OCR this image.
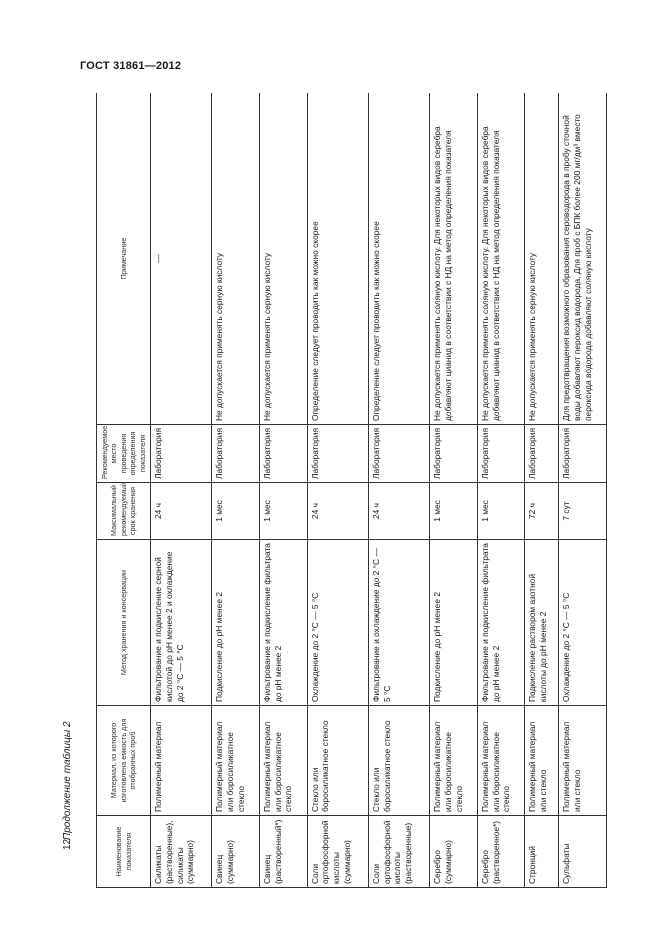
ГОСТ 31861—2012
Продолжение таблицы 2
12	Наименование показателя	Материал, из которого изготовлена емкость для отобранных проб	Метод хранения и консервации	Максимальный рекомендуемый срок хранения	Рекомендуемое место проведения определения показателя	Примечание
Силикаты (растворенные), силикаты (суммарно)	Полимерный материал	Фильтрование и подкисление серной кислотой до pH менее 2 и охлаждение до 2 °С — 5 °С	24 ч	Лаборатория	—
Свинец (суммарно)	Полимерный материал или боросиликатное стекло	Подкисление до pH менее 2	1 мес	Лаборатория	Не допускается применять серную кислоту
Свинец (растворенный*)	Полимерный материал или боросиликатное стекло	Фильтрование и подкисление фильтрата до pH менее 2	1 мес	Лаборатория	Не допускается применять серную кислоту
Соли ортофосфорной кислоты (суммарно)	Стекло или боросиликатное стекло	Охлаждение до 2 °С — 5 °С	24 ч	Лаборатория	Определение следует проводить как можно скорее
Соли ортофосфорной кислоты (растворенные)	Стекло или боросиликатное стекло	Фильтрование и охлаждение до 2 °С — 5 °С	24 ч	Лаборатория	Определение следует проводить как можно скорее
Серебро (суммарно)	Полимерный материал или боросиликатное стекло	Подкисление до pH менее 2	1 мес	Лаборатория	Не допускается применять соляную кислоту. Для некоторых видов серебра добавляют цианид в соответствии с НД на метод определения показателя
Серебро (растворенное*)	Полимерный материал или боросиликатное стекло	Фильтрование и подкисление фильтрата до pH менее 2	1 мес	Лаборатория	Не допускается применять соляную кислоту. Для некоторых видов серебра добавляют цианид в соответствии с НД на метод определения показателя
Стронций	Полимерный материал или стекло	Подкисление раствором азотной кислоты до pH менее 2	72 ч	Лаборатория	Не допускается применять серную кислоту
Сульфаты	Полимерный материал или стекло	Охлаждение до 2 °С — 5 °С	7 сут	Лаборатория	Для предотвращения возможного образования сероводорода в пробу сточной воды добавляют пероксид водорода. Для проб с БПК более 200 мг/дм³ вместо пероксида водорода добавляют соляную кислоту
